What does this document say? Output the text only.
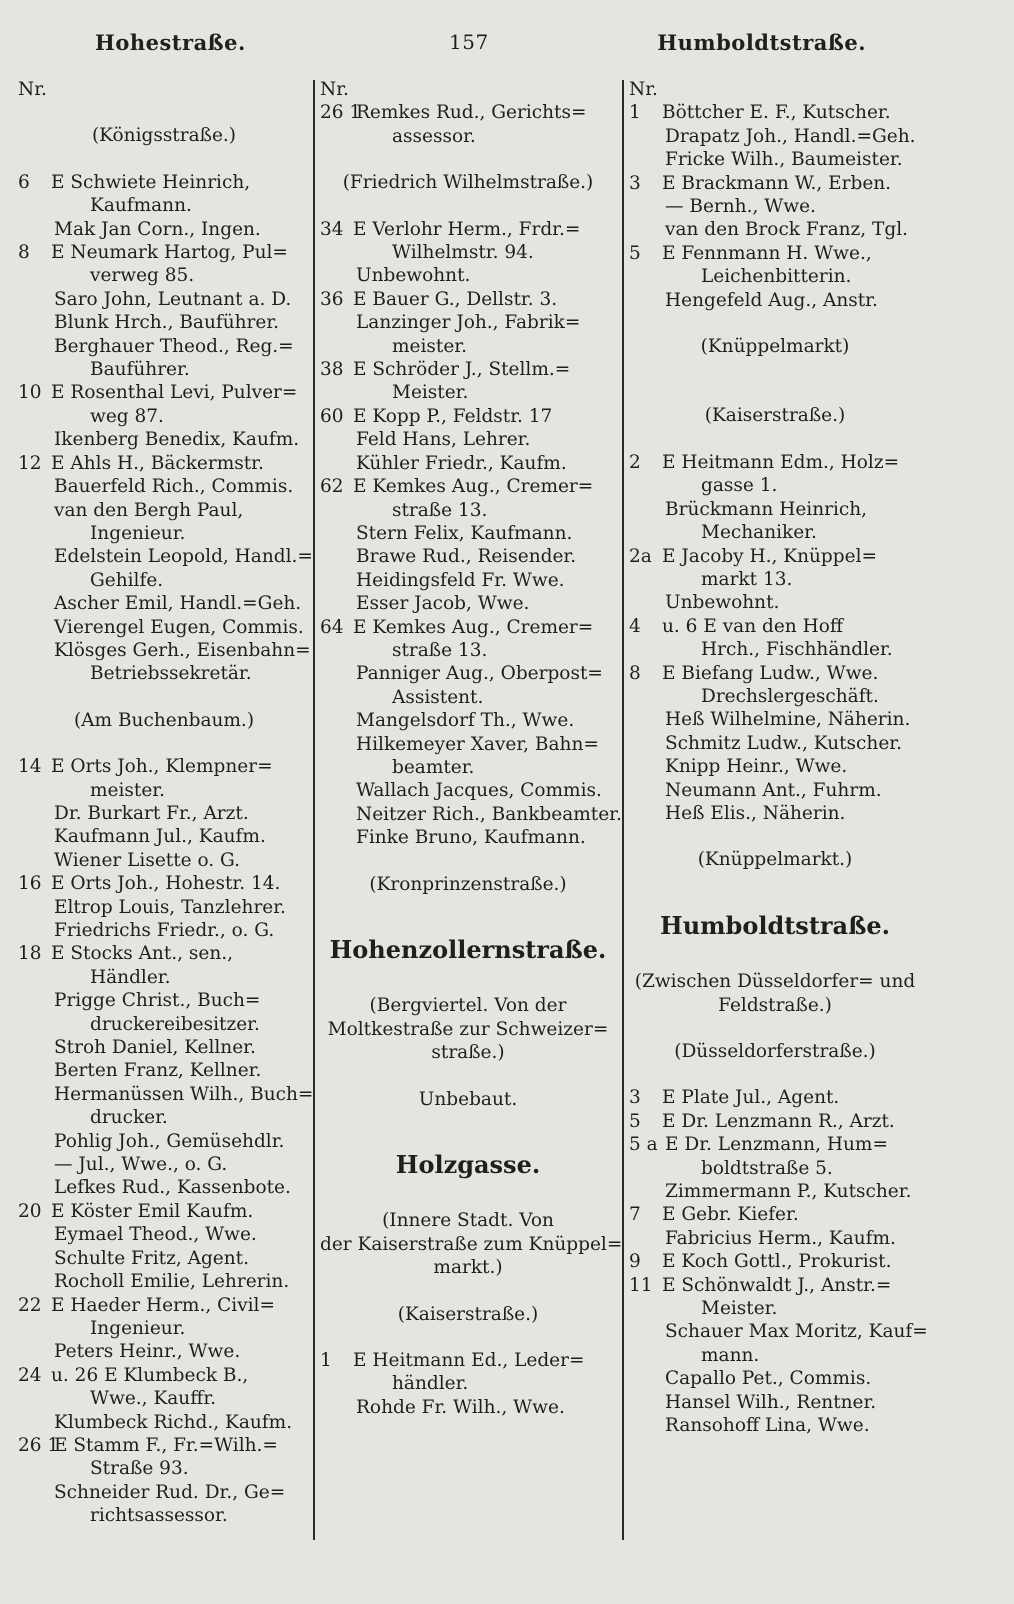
Hohestraße.	157	Humboldtstraße.
Nr.
(Königsstraße.)
6 E Schwiete Heinrich,
Kaufmann.
Mak Jan Corn., Ingen.
8 E Neumark Hartog, Pul=
verweg 85.
Saro John, Leutnant a. D.
Blunk Hrch., Bauführer.
Berghauer Theod., Reg.=
Bauführer.
10 E Rosenthal Levi, Pulver=
weg 87.
Ikenberg Benedix, Kaufm.
12 E Ahls H., Bäckermstr.
Bauerfeld Rich., Commis.
van den Bergh Paul,
Ingenieur.
Edelstein Leopold, Handl.=
Gehilfe.
Ascher Emil, Handl.=Geh.
Vierengel Eugen, Commis.
Klösges Gerh., Eisenbahn=
Betriebssekretär.
(Am Buchenbaum.)
14 E Orts Joh., Klempner=
meister.
Dr. Burkart Fr., Arzt.
Kaufmann Jul., Kaufm.
Wiener Lisette o. G.
16 E Orts Joh., Hohestr. 14.
Eltrop Louis, Tanzlehrer.
Friedrichs Friedr., o. G.
18 E Stocks Ant., sen.,
Händler.
Prigge Christ., Buch=
druckereibesitzer.
Stroh Daniel, Kellner.
Berten Franz, Kellner.
Hermanüssen Wilh., Buch=
drucker.
Pohlig Joh., Gemüsehdlr.
— Jul., Wwe., o. G.
Lefkes Rud., Kassenbote.
20 E Köster Emil Kaufm.
Eymael Theod., Wwe.
Schulte Fritz, Agent.
Rocholl Emilie, Lehrerin.
22 E Haeder Herm., Civil=
Ingenieur.
Peters Heinr., Wwe.
24 u. 26 E Klumbeck B.,
Wwe., Kauffr.
Klumbeck Richd., Kaufm.
26 1E Stamm F., Fr.=Wilh.=
Straße 93.
Schneider Rud. Dr., Ge=
richtsassessor.
Nr.
26 1Remkes Rud., Gerichts=
assessor.
(Friedrich Wilhelmstraße.)
34 E Verlohr Herm., Frdr.=
Wilhelmstr. 94.
Unbewohnt.
36 E Bauer G., Dellstr. 3.
Lanzinger Joh., Fabrik=
meister.
38 E Schröder J., Stellm.=
Meister.
60 E Kopp P., Feldstr. 17
Feld Hans, Lehrer.
Kühler Friedr., Kaufm.
62 E Kemkes Aug., Cremer=
straße 13.
Stern Felix, Kaufmann.
Brawe Rud., Reisender.
Heidingsfeld Fr. Wwe.
Esser Jacob, Wwe.
64 E Kemkes Aug., Cremer=
straße 13.
Panniger Aug., Oberpost=
Assistent.
Mangelsdorf Th., Wwe.
Hilkemeyer Xaver, Bahn=
beamter.
Wallach Jacques, Commis.
Neitzer Rich., Bankbeamter.
Finke Bruno, Kaufmann.
(Kronprinzenstraße.)
Hohenzollernstraße.
(Bergviertel. Von der
Moltkestraße zur Schweizer=
straße.)
Unbebaut.
Holzgasse.
(Innere Stadt. Von
der Kaiserstraße zum Knüppel=
markt.)
(Kaiserstraße.)
1 E Heitmann Ed., Leder=
händler.
Rohde Fr. Wilh., Wwe.
Nr.
1 Böttcher E. F., Kutscher.
Drapatz Joh., Handl.=Geh.
Fricke Wilh., Baumeister.
3 E Brackmann W., Erben.
— Bernh., Wwe.
van den Brock Franz, Tgl.
5 E Fennmann H. Wwe.,
Leichenbitterin.
Hengefeld Aug., Anstr.
(Knüppelmarkt)
(Kaiserstraße.)
2 E Heitmann Edm., Holz=
gasse 1.
Brückmann Heinrich,
Mechaniker.
2a E Jacoby H., Knüppel=
markt 13.
Unbewohnt.
4 u. 6 E van den Hoff
Hrch., Fischhändler.
8 E Biefang Ludw., Wwe.
Drechslergeschäft.
Heß Wilhelmine, Näherin.
Schmitz Ludw., Kutscher.
Knipp Heinr., Wwe.
Neumann Ant., Fuhrm.
Heß Elis., Näherin.
(Knüppelmarkt.)
Humboldtstraße.
(Zwischen Düsseldorfer= und
Feldstraße.)
(Düsseldorferstraße.)
3 E Plate Jul., Agent.
5 E Dr. Lenzmann R., Arzt.
5 a E Dr. Lenzmann, Hum=
boldtstraße 5.
Zimmermann P., Kutscher.
7 E Gebr. Kiefer.
Fabricius Herm., Kaufm.
9 E Koch Gottl., Prokurist.
11 E Schönwaldt J., Anstr.=
Meister.
Schauer Max Moritz, Kauf=
mann.
Capallo Pet., Commis.
Hansel Wilh., Rentner.
Ransohoff Lina, Wwe.
